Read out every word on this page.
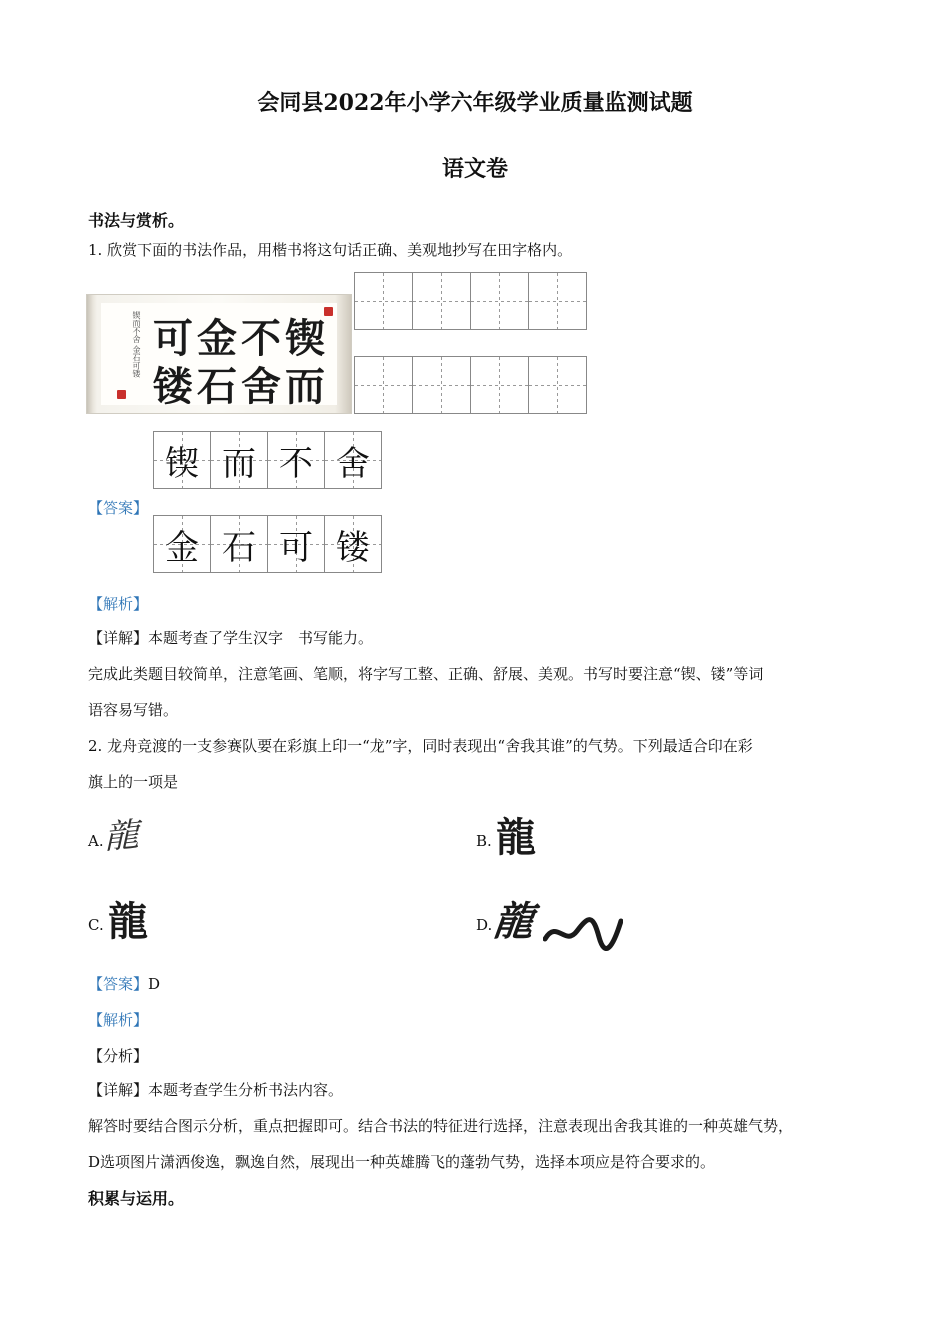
会同县2022年小学六年级学业质量监测试题
语文卷
书法与赏析。
1. 欣赏下面的书法作品，用楷书将这句话正确、美观地抄写在田字格内。
锲而不舍 金石可镂 可金不锲
镂石舍而
锲 而 不 舍
【答案】
金 石 可 镂
【解析】
【详解】本题考查了学生汉字　书写能力。
完成此类题目较简单，注意笔画、笔顺，将字写工整、正确、舒展、美观。书写时要注意“锲、镂”等词
语容易写错。
2. 龙舟竞渡的一支参赛队要在彩旗上印一“龙”字，同时表现出“舍我其谁”的气势。下列最适合印在彩
旗上的一项是
A.
龍	B. 龍
C. 龍	D.
龍
【答案】D
【解析】
【分析】
【详解】本题考查学生分析书法内容。
解答时要结合图示分析，重点把握即可。结合书法的特征进行选择，注意表现出舍我其谁的一种英雄气势，
D选项图片潇洒俊逸，飘逸自然，展现出一种英雄腾飞的蓬勃气势，选择本项应是符合要求的。
积累与运用。
